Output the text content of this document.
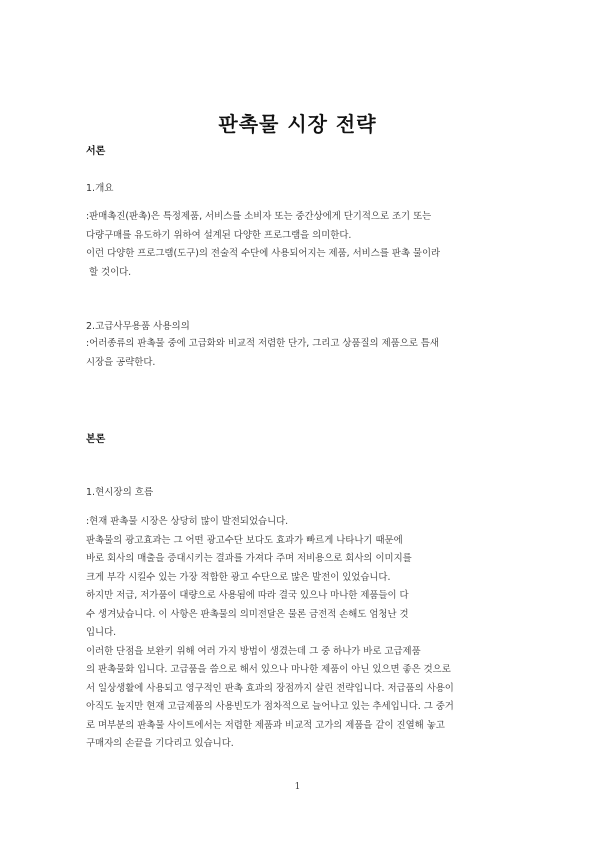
판촉물 시장 전략
서론
1.개요
:판매촉진(판촉)은 특정제품, 서비스를 소비자 또는 중간상에게 단기적으로 조기 또는
다량구매를 유도하기 위하여 설계된 다양한 프로그램을 의미한다.
이런 다양한 프로그램(도구)의 전술적 수단에 사용되어지는 제품, 서비스를 판촉 물이라
할 것이다.
2.고급사무용품 사용의의
:어러종류의 판촉물 중에 고급화와 비교적 저렴한 단가, 그리고 상품질의 제품으로 틈새
시장을 공략한다.
본론
1.현시장의 흐름
:현재 판촉물 시장은 상당히 많이 발전되었습니다.
판촉물의 광고효과는 그 어떤 광고수단 보다도 효과가 빠르게 나타나기 때문에
바로 회사의 매출을 증대시키는 결과를 가져다 주며 저비용으로 회사의 이미지를
크게 부각 시킬수 있는 가장 적합한 광고 수단으로 많은 발전이 있었습니다.
하지만 저급, 저가품이 대량으로 사용됨에 따라 결국 있으나 마나한 제품들이 다
수 생겨났습니다. 이 사항은 판촉물의 의미전달은 물론 금전적 손해도 엄청난 것
입니다.
이러한 단점을 보완키 위해 여러 가지 방법이 생겼는데 그 중 하나가 바로 고급제품
의 판촉물화 입니다. 고급품을 씀으로 해서 있으나 마나한 제품이 아닌 있으면 좋은 것으로
서 일상생활에 사용되고 영구적인 판촉 효과의 장점까지 살린 전략입니다. 저급품의 사용이
아직도 높지만 현재 고급제품의 사용빈도가 점차적으로 늘어나고 있는 추세입니다. 그 중거
로 며부분의 판촉물 사이트에서는 저렴한 제품과 비교적 고가의 제품을 같이 진열해 놓고
구매자의 손끝을 기다리고 있습니다.
1
